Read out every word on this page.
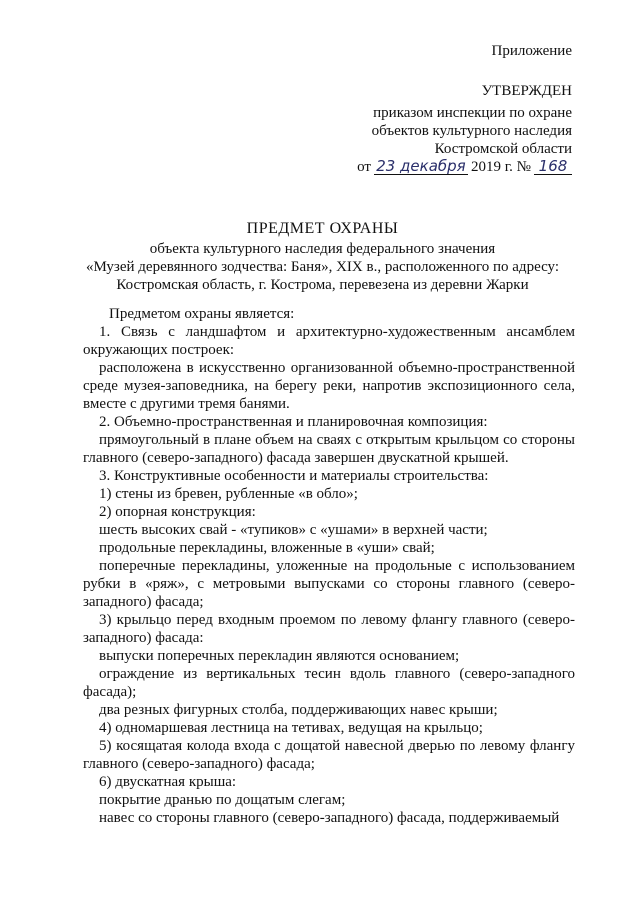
Приложение
УТВЕРЖДЕН
приказом инспекции по охране
объектов культурного наследия
Костромской области
от 23 декабря 2019 г. № 168
ПРЕДМЕТ ОХРАНЫ
объекта культурного наследия федерального значения
«Музей деревянного зодчества: Баня», XIX в., расположенного по адресу:
Костромская область, г. Кострома, перевезена из деревни Жарки

Предметом охраны является:

1. Связь с ландшафтом и архитектурно-художественным ансамблем окружающих построек:

расположена в искусственно организованной объемно-пространственной среде музея-заповедника, на берегу реки, напротив экспозиционного села, вместе с другими тремя банями.

2. Объемно-пространственная и планировочная композиция:

прямоугольный в плане объем на сваях с открытым крыльцом со стороны главного (северо-западного) фасада завершен двускатной крышей.

3. Конструктивные особенности и материалы строительства:

1) стены из бревен, рубленные «в обло»;

2) опорная конструкция:

шесть высоких свай - «тупиков» с «ушами» в верхней части;

продольные перекладины, вложенные в «уши» свай;

поперечные перекладины, уложенные на продольные с использованием рубки в «ряж», с метровыми выпусками со стороны главного (северо-западного) фасада;

3) крыльцо перед входным проемом по левому флангу главного (северо-западного) фасада:

выпуски поперечных перекладин являются основанием;

ограждение из вертикальных тесин вдоль главного (северо-западного фасада);

два резных фигурных столба, поддерживающих навес крыши;

4) одномаршевая лестница на тетивах, ведущая на крыльцо;

5) косящатая колода входа с дощатой навесной дверью по левому флангу главного (северо-западного) фасада;

6) двускатная крыша:

покрытие дранью по дощатым слегам;

навес со стороны главного (северо-западного) фасада, поддерживаемый
